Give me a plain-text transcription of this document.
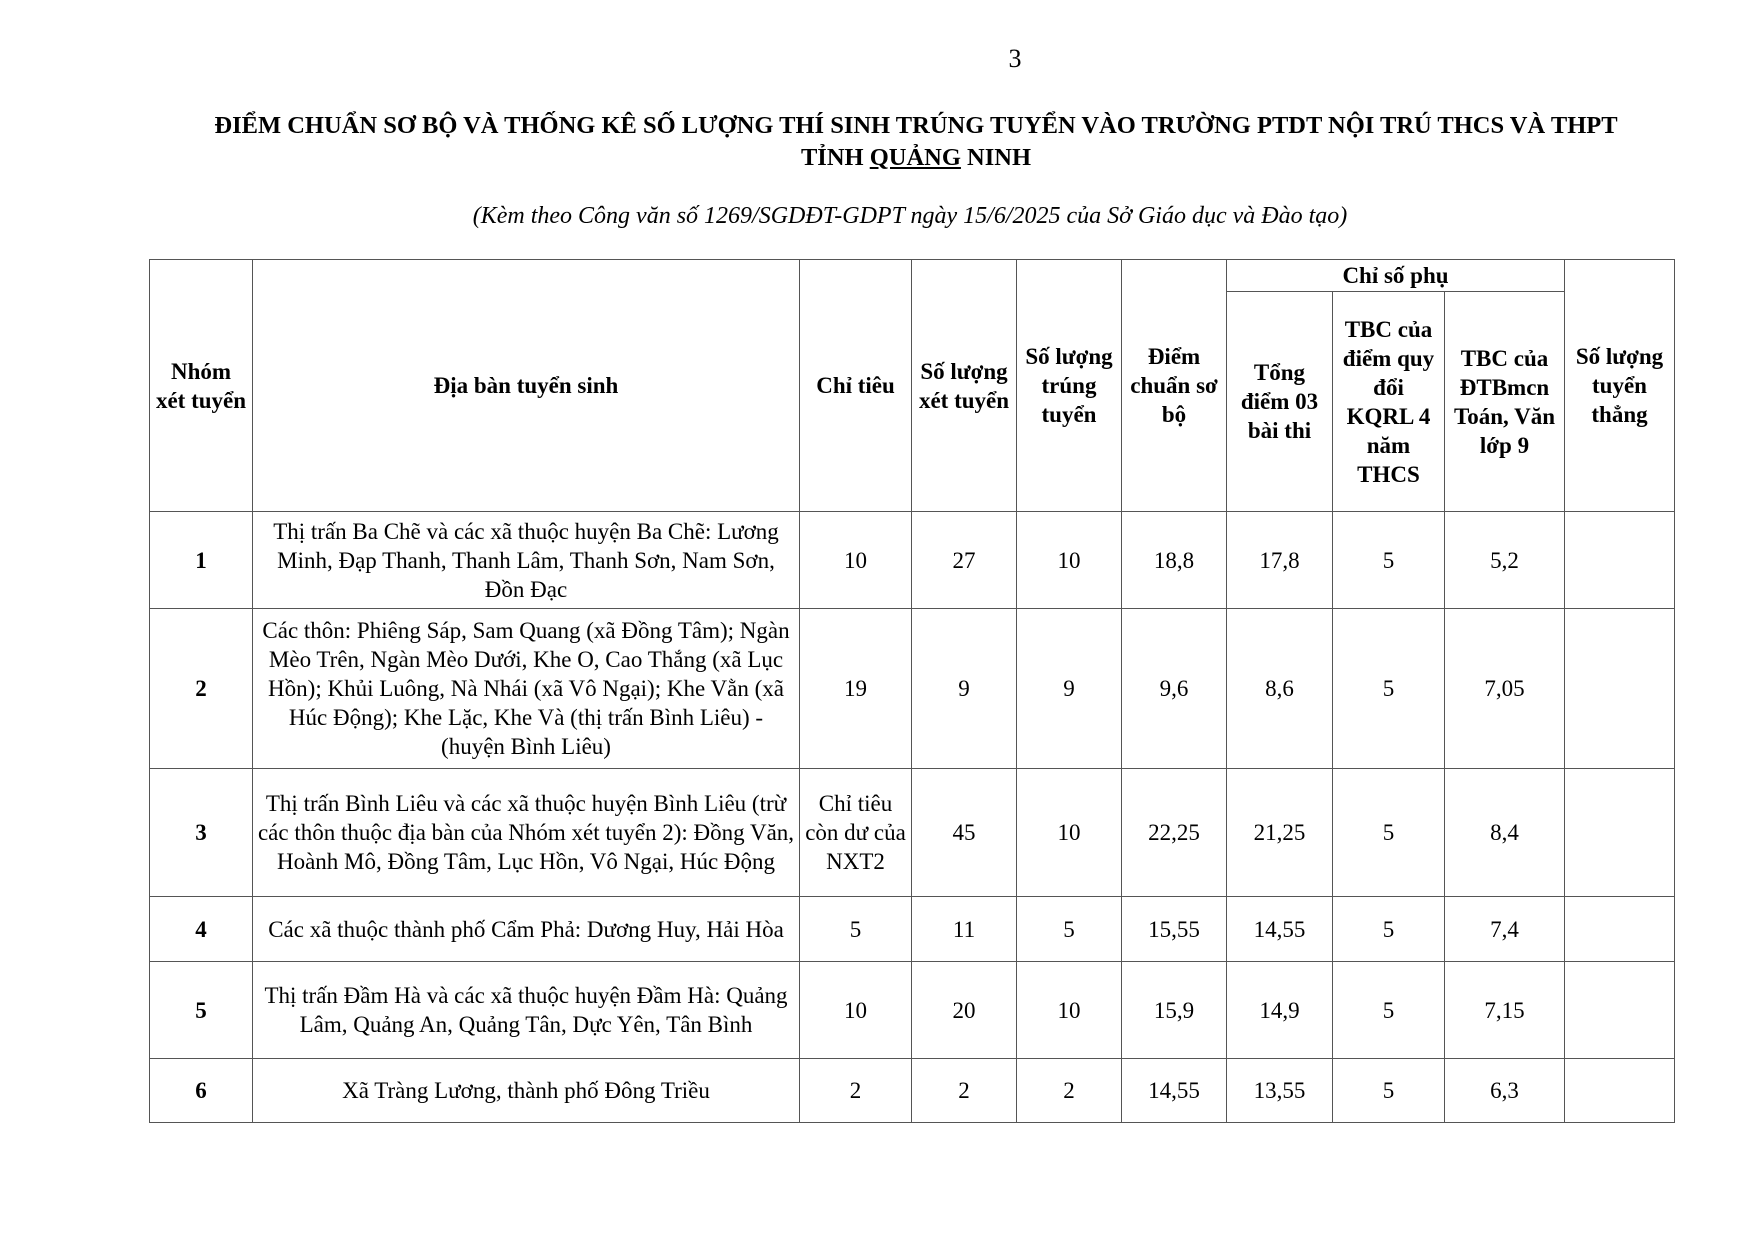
3
ĐIỂM CHUẨN SƠ BỘ VÀ THỐNG KÊ SỐ LƯỢNG THÍ SINH TRÚNG TUYỂN VÀO TRƯỜNG PTDT NỘI TRÚ THCS VÀ THPT
TỈNH QUẢNG NINH
(Kèm theo Công văn số 1269/SGDĐT-GDPT ngày 15/6/2025 của Sở Giáo dục và Đào tạo)
Nhóm xét tuyển	Địa bàn tuyển sinh	Chỉ tiêu	Số lượng xét tuyển	Số lượng trúng tuyển	Điểm chuẩn sơ bộ	Chỉ số phụ			Số lượng tuyển thẳng
						Tổng điểm 03 bài thi	TBC của điểm quy đổi KQRL 4 năm THCS	TBC của ĐTBmcn Toán, Văn lớp 9	
1	Thị trấn Ba Chẽ và các xã thuộc huyện Ba Chẽ: Lương Minh, Đạp Thanh, Thanh Lâm, Thanh Sơn, Nam Sơn, Đồn Đạc	10	27	10	18,8	17,8	5	5,2	
2	Các thôn: Phiêng Sáp, Sam Quang (xã Đồng Tâm); Ngàn Mèo Trên, Ngàn Mèo Dưới, Khe O, Cao Thắng (xã Lục Hồn); Khủi Luông, Nà Nhái (xã Vô Ngại); Khe Vằn (xã Húc Động); Khe Lặc, Khe Và (thị trấn Bình Liêu) - (huyện Bình Liêu)	19	9	9	9,6	8,6	5	7,05	
3	Thị trấn Bình Liêu và các xã thuộc huyện Bình Liêu (trừ các thôn thuộc địa bàn của Nhóm xét tuyển 2): Đồng Văn, Hoành Mô, Đồng Tâm, Lục Hồn, Vô Ngại, Húc Động	Chỉ tiêu còn dư của NXT2	45	10	22,25	21,25	5	8,4	
4	Các xã thuộc thành phố Cẩm Phả: Dương Huy, Hải Hòa	5	11	5	15,55	14,55	5	7,4	
5	Thị trấn Đầm Hà và các xã thuộc huyện Đầm Hà: Quảng Lâm, Quảng An, Quảng Tân, Dực Yên, Tân Bình	10	20	10	15,9	14,9	5	7,15	
6	Xã Tràng Lương, thành phố Đông Triều	2	2	2	14,55	13,55	5	6,3	
